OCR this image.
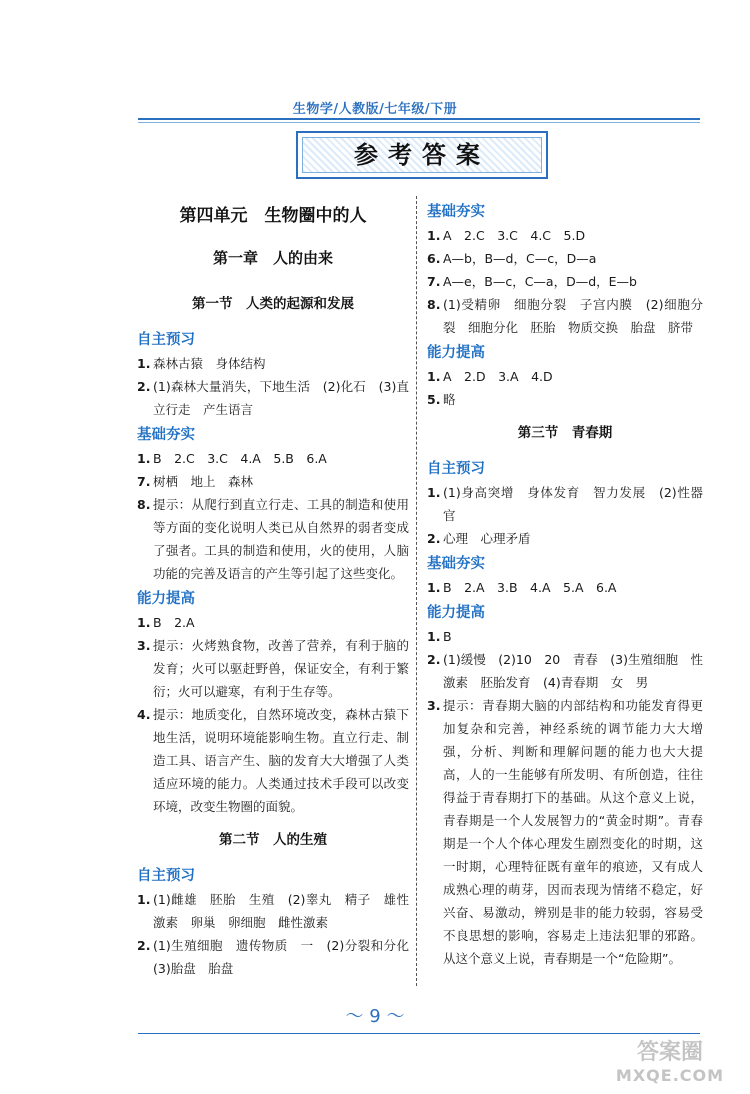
生物学/人教版/七年级/下册
参考答案
第四单元　生物圈中的人
第一章　人的由来
第一节　人类的起源和发展
自主预习
1. 森林古猿　身体结构
2. (1)森林大量消失，下地生活　(2)化石　(3)直立行走　产生语言
基础夯实
1. B　2.C　3.C　4.A　5.B　6.A
7. 树栖　地上　森林
8. 提示：从爬行到直立行走、工具的制造和使用等方面的变化说明人类已从自然界的弱者变成了强者。工具的制造和使用，火的使用，人脑功能的完善及语言的产生等引起了这些变化。
能力提高
1. B　2.A
3. 提示：火烤熟食物，改善了营养，有利于脑的发育；火可以驱赶野兽，保证安全，有利于繁衍；火可以避寒，有利于生存等。
4. 提示：地质变化，自然环境改变，森林古猿下地生活，说明环境能影响生物。直立行走、制造工具、语言产生、脑的发育大大增强了人类适应环境的能力。人类通过技术手段可以改变环境，改变生物圈的面貌。
第二节　人的生殖
自主预习
1. (1)雌雄　胚胎　生殖　(2)睾丸　精子　雄性激素　卵巢　卵细胞　雌性激素
2. (1)生殖细胞　遗传物质　一　(2)分裂和分化　(3)胎盘　胎盘
基础夯实
1. A　2.C　3.C　4.C　5.D
6. A—b，B—d，C—c，D—a
7. A—e，B—c，C—a，D—d，E—b
8. (1)受精卵　细胞分裂　子宫内膜　(2)细胞分裂　细胞分化　胚胎　物质交换　胎盘　脐带
能力提高
1. A　2.D　3.A　4.D
5. 略
第三节　青春期
自主预习
1. (1)身高突增　身体发育　智力发展　(2)性器官
2. 心理　心理矛盾
基础夯实
1. B　2.A　3.B　4.A　5.A　6.A
能力提高
1. B
2. (1)缓慢　(2)10　20　青春　(3)生殖细胞　性激素　胚胎发育　(4)青春期　女　男
3. 提示：青春期大脑的内部结构和功能发育得更加复杂和完善，神经系统的调节能力大大增强，分析、判断和理解问题的能力也大大提高，人的一生能够有所发明、有所创造，往往得益于青春期打下的基础。从这个意义上说，青春期是一个人发展智力的“黄金时期”。青春期是一个人个体心理发生剧烈变化的时期，这一时期，心理特征既有童年的痕迹，又有成人成熟心理的萌芽，因而表现为情绪不稳定，好兴奋、易激动，辨别是非的能力较弱，容易受不良思想的影响，容易走上违法犯罪的邪路。从这个意义上说，青春期是一个“危险期”。
～ 9 ～
答案圈
MXQE.COM
